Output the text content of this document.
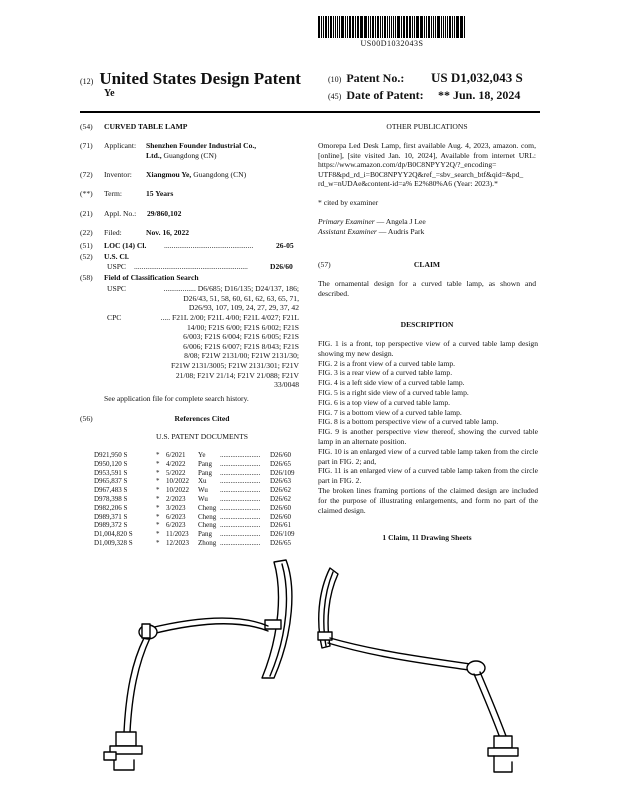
US00D1032043S
(12) United States Design Patent
Ye
(10) Patent No.: US D1,032,043 S
(45) Date of Patent: ** Jun. 18, 2024
(54) CURVED TABLE LAMP
(71) Applicant: Shenzhen Founder Industrial Co.,
Ltd., Guangdong (CN)
(72) Inventor: Xiangmou Ye, Guangdong (CN)
(**) Term:	15 Years
(21) Appl. No.: 29/860,102
(22) Filed:	Nov. 16, 2022
(51) LOC (14) Cl. ...............................................	26-05
(52) U.S. Cl.
USPC ............................................................	D26/60
(58) Field of Classification Search
USPC	................. D6/685; D16/135; D24/137, 186;
D26/43, 51, 58, 60, 61, 62, 63, 65, 71,
D26/93, 107, 109, 24, 27, 29, 37, 42
CPC	..... F21L 2/00; F21L 4/00; F21L 4/027; F21L
14/00; F21S 6/00; F21S 6/002; F21S
6/003; F21S 6/004; F21S 6/005; F21S
6/006; F21S 6/007; F21S 8/043; F21S
8/08; F21W 2131/00; F21W 2131/30;
F21W 2131/3005; F21W 2131/301; F21V
21/08; F21V 21/14; F21V 21/088; F21V
33/0048
See application file for complete search history.
(56)	References Cited
U.S. PATENT DOCUMENTS
D921,950 S	* 6/2021 Ye	D26/60
.......................
D950,120 S	* 4/2022 Pang	D26/65
.......................
D953,591 S	* 5/2022 Pang	D26/109
.......................
D965,837 S	* 10/2022 Xu	D26/63
.......................
D967,483 S	* 10/2022 Wu	D26/62
.......................
D978,398 S	* 2/2023 Wu	D26/62
.......................
D982,206 S	* 3/2023 Cheng	D26/60
.......................
D989,371 S	* 6/2023 Cheng	D26/60
.......................
D989,372 S	* 6/2023 Cheng	D26/61
.......................
D1,004,820 S	* 11/2023 Pang	D26/109
.......................
D1,009,328 S	* 12/2023 Zhong	D26/65
.......................
OTHER PUBLICATIONS
Omorepa Led Desk Lamp, first available Aug. 4, 2023, amazon. com, [online], [site visited Jan. 10, 2024], Available from internet URL: https://www.amazon.com/dp/B0C8NPYY2Q/?_encoding= UTF8&pd_rd_i=B0C8NPYY2Q&ref_=sbv_search_btf&qid=&pd_ rd_w=nUDAe&content-id=a% E2%80%A6 (Year: 2023).*
* cited by examiner
Primary Examiner — Angela J Lee
Assistant Examiner — Audris Park
(57)	CLAIM
The ornamental design for a curved table lamp, as shown and described.
DESCRIPTION
FIG. 1 is a front, top perspective view of a curved table lamp design showing my new design.
FIG. 2 is a front view of a curved table lamp.
FIG. 3 is a rear view of a curved table lamp.
FIG. 4 is a left side view of a curved table lamp.
FIG. 5 is a right side view of a curved table lamp.
FIG. 6 is a top view of a curved table lamp.
FIG. 7 is a bottom view of a curved table lamp.
FIG. 8 is a bottom perspective view of a curved table lamp.
FIG. 9 is another perspective view thereof, showing the curved table lamp in an alternate position.
FIG. 10 is an enlarged view of a curved table lamp taken from the circle part in FIG. 2; and,
FIG. 11 is an enlarged view of a curved table lamp taken from the circle part in FIG. 2.
The broken lines framing portions of the claimed design are included for the purpose of illustrating enlargements, and form no part of the claimed design.
1 Claim, 11 Drawing Sheets
